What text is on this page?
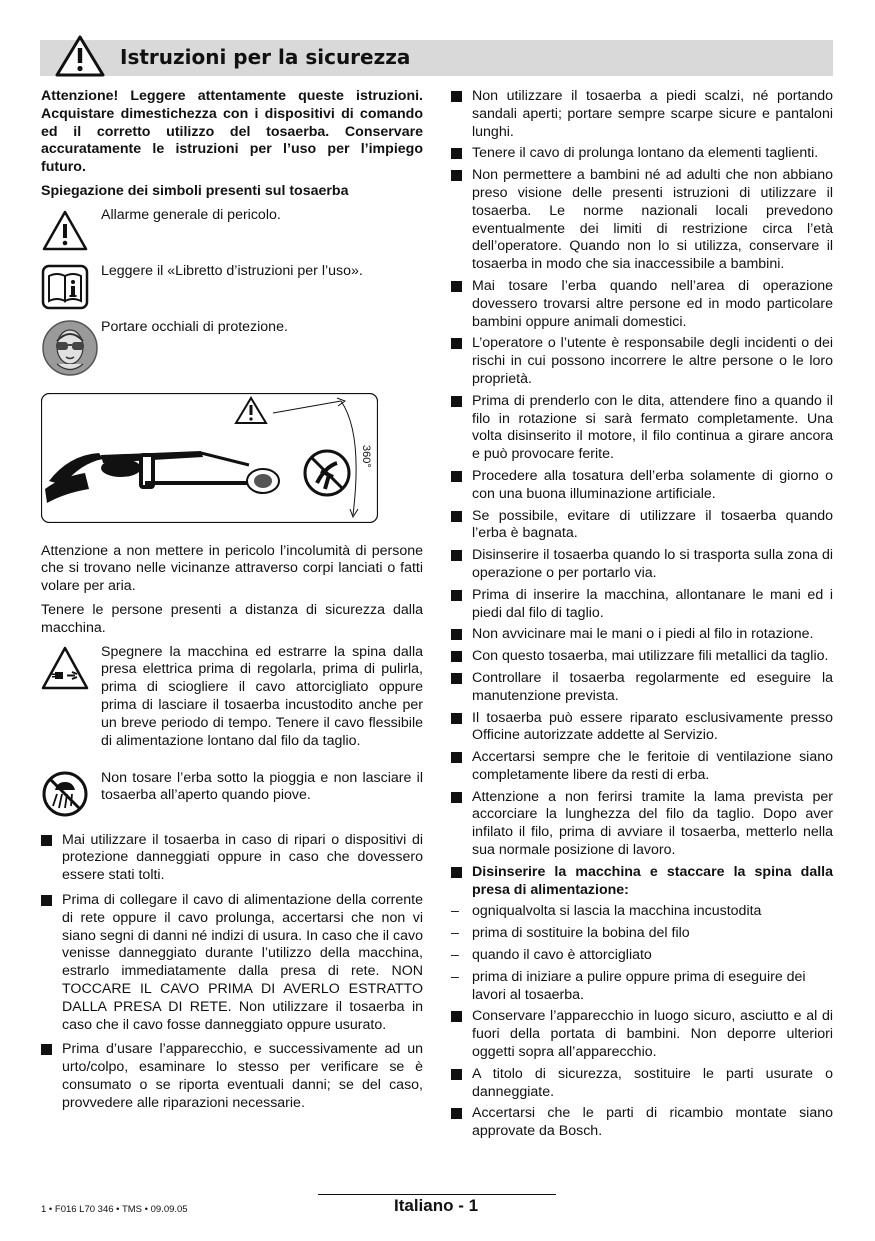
Istruzioni per la sicurezza

Attenzione! Leggere attentamente queste istruzioni. Acquistare dimestichezza con i dispositivi di comando ed il corretto utilizzo del tosaerba. Conservare accuratamente le istruzioni per l’uso per l’impiego futuro.

Spiegazione dei simboli presenti sul tosaerba

Allarme generale di pericolo.
Leggere il «Libretto d’istruzioni per l’uso».
Portare occhiali di protezione.
360°

Attenzione a non mettere in pericolo l’incolumità di persone che si trovano nelle vicinanze attraverso corpi lanciati o fatti volare per aria.

Tenere le persone presenti a distanza di sicurezza dalla macchina.

Spegnere la macchina ed estrarre la spina dalla presa elettrica prima di regolarla, prima di pulirla, prima di sciogliere il cavo attorcigliato oppure prima di lasciare il tosaerba incustodito anche per un breve periodo di tempo. Tenere il cavo flessibile di alimentazione lontano dal filo da taglio.
Non tosare l’erba sotto la pioggia e non lasciare il tosaerba all’aperto quando piove.
Mai utilizzare il tosaerba in caso di ripari o dispositivi di protezione danneggiati oppure in caso che dovessero essere stati tolti.
Prima di collegare il cavo di alimentazione della corrente di rete oppure il cavo prolunga, accertarsi che non vi siano segni di danni né indizi di usura. In caso che il cavo venisse danneggiato durante l’utilizzo della macchina, estrarlo immediatamente dalla presa di rete. NON TOCCARE IL CAVO PRIMA DI AVERLO ESTRATTO DALLA PRESA DI RETE. Non utilizzare il tosaerba in caso che il cavo fosse danneggiato oppure usurato.
Prima d’usare l’apparecchio, e successivamente ad un urto/colpo, esaminare lo stesso per verificare se è consumato o se riporta eventuali danni; se del caso, provvedere alle riparazioni necessarie.
Non utilizzare il tosaerba a piedi scalzi, né portando sandali aperti; portare sempre scarpe sicure e pantaloni lunghi.
Tenere il cavo di prolunga lontano da elementi taglienti.
Non permettere a bambini né ad adulti che non abbiano preso visione delle presenti istruzioni di utilizzare il tosaerba. Le norme nazionali locali prevedono eventualmente dei limiti di restrizione circa l’età dell’operatore. Quando non lo si utilizza, conservare il tosaerba in modo che sia inaccessibile a bambini.
Mai tosare l’erba quando nell’area di operazione dovessero trovarsi altre persone ed in modo particolare bambini oppure animali domestici.
L’operatore o l’utente è responsabile degli incidenti o dei rischi in cui possono incorrere le altre persone o le loro proprietà.
Prima di prenderlo con le dita, attendere fino a quando il filo in rotazione si sarà fermato completamente. Una volta disinserito il motore, il filo continua a girare ancora e può provocare ferite.
Procedere alla tosatura dell’erba solamente di giorno o con una buona illuminazione artificiale.
Se possibile, evitare di utilizzare il tosaerba quando l’erba è bagnata.
Disinserire il tosaerba quando lo si trasporta sulla zona di operazione o per portarlo via.
Prima di inserire la macchina, allontanare le mani ed i piedi dal filo di taglio.
Non avvicinare mai le mani o i piedi al filo in rotazione.
Con questo tosaerba, mai utilizzare fili metallici da taglio.
Controllare il tosaerba regolarmente ed eseguire la manutenzione prevista.
Il tosaerba può essere riparato esclusivamente presso Officine autorizzate addette al Servizio.
Accertarsi sempre che le feritoie di ventilazione siano completamente libere da resti di erba.
Attenzione a non ferirsi tramite la lama prevista per accorciare la lunghezza del filo da taglio. Dopo aver infilato il filo, prima di avviare il tosaerba, metterlo nella sua normale posizione di lavoro.
Disinserire la macchina e staccare la spina dalla presa di alimentazione:
– ogniqualvolta si lascia la macchina incustodita
– prima di sostituire la bobina del filo
– quando il cavo è attorcigliato
– prima di iniziare a pulire oppure prima di eseguire dei lavori al tosaerba.
Conservare l’apparecchio in luogo sicuro, asciutto e al di fuori della portata di bambini. Non deporre ulteriori oggetti sopra all’apparecchio.
A titolo di sicurezza, sostituire le parti usurate o danneggiate.
Accertarsi che le parti di ricambio montate siano approvate da Bosch.
1 • F016 L70 346 • TMS • 09.09.05	Italiano - 1
